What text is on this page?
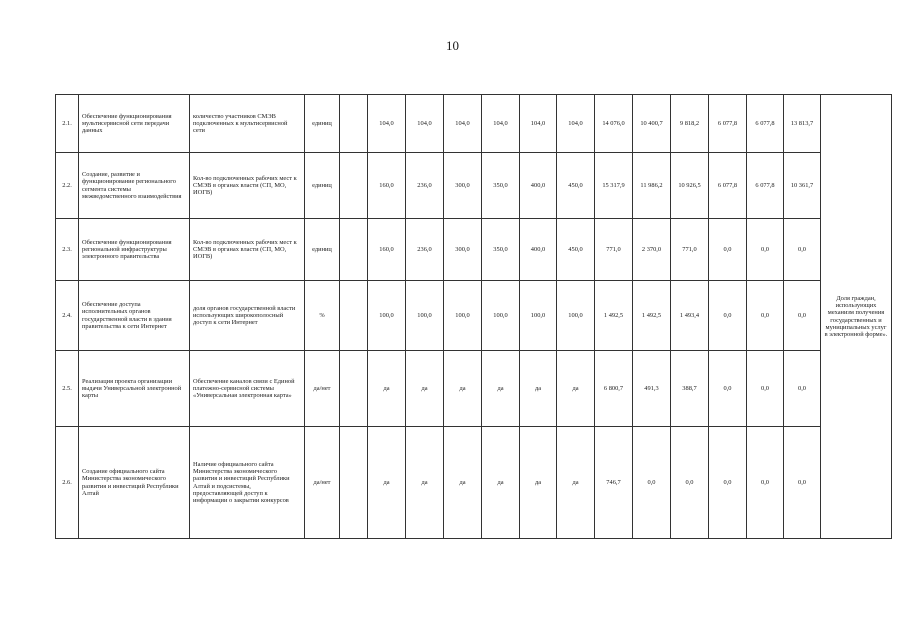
10
2.1.	Обеспечение функционирования мультисервисной сети передачи данных	количество участников СМЭВ подключенных к мультисервисной сети	единиц		104,0	104,0	104,0	104,0	104,0	104,0	14 076,0	10 400,7	9 818,2	6 077,8	6 077,8	13 813,7	Доля граждан, использующих механизм получения государственных и муниципальных услуг в электронной форме».
2.2.	Создание, развитие и функционирование регионального сегмента системы межведомственного взаимодействия	Кол-во подключенных рабочих мест к СМЭВ в органах власти (СП, МО, ИОГВ)	единиц		160,0	236,0	300,0	350,0	400,0	450,0	15 317,9	11 986,2	10 926,5	6 077,8	6 077,8	10 361,7	
2.3.	Обеспечение функционирования региональной инфраструктуры электронного правительства	Кол-во подключенных рабочих мест к СМЭВ в органах власти (СП, МО, ИОГВ)	единиц		160,0	236,0	300,0	350,0	400,0	450,0	771,0	2 370,0	771,0	0,0	0,0	0,0	
2.4.	Обеспечение доступа исполнительных органов государственной власти в здания правительства к сети Интернет	доля органов государственной власти использующих широкополосный доступ к сети Интернет	%		100,0	100,0	100,0	100,0	100,0	100,0	1 492,5	1 492,5	1 493,4	0,0	0,0	0,0	
2.5.	Реализация проекта организации выдачи Универсальной электронной карты	Обеспечение каналов связи с Единой платежно-сервисной системы «Универсальная электронная карта»	да/нет		да	да	да	да	да	да	6 800,7	491,3	388,7	0,0	0,0	0,0	
2.6.	Создание официального сайта Министерства экономического развития и инвестиций Республики Алтай	Наличие официального сайта Министерства экономического развития и инвестиций Республики Алтай и подсистемы, предоставляющей доступ к информации о закрытии конкурсов	да/нет		да	да	да	да	да	да	746,7	0,0	0,0	0,0	0,0	0,0	
